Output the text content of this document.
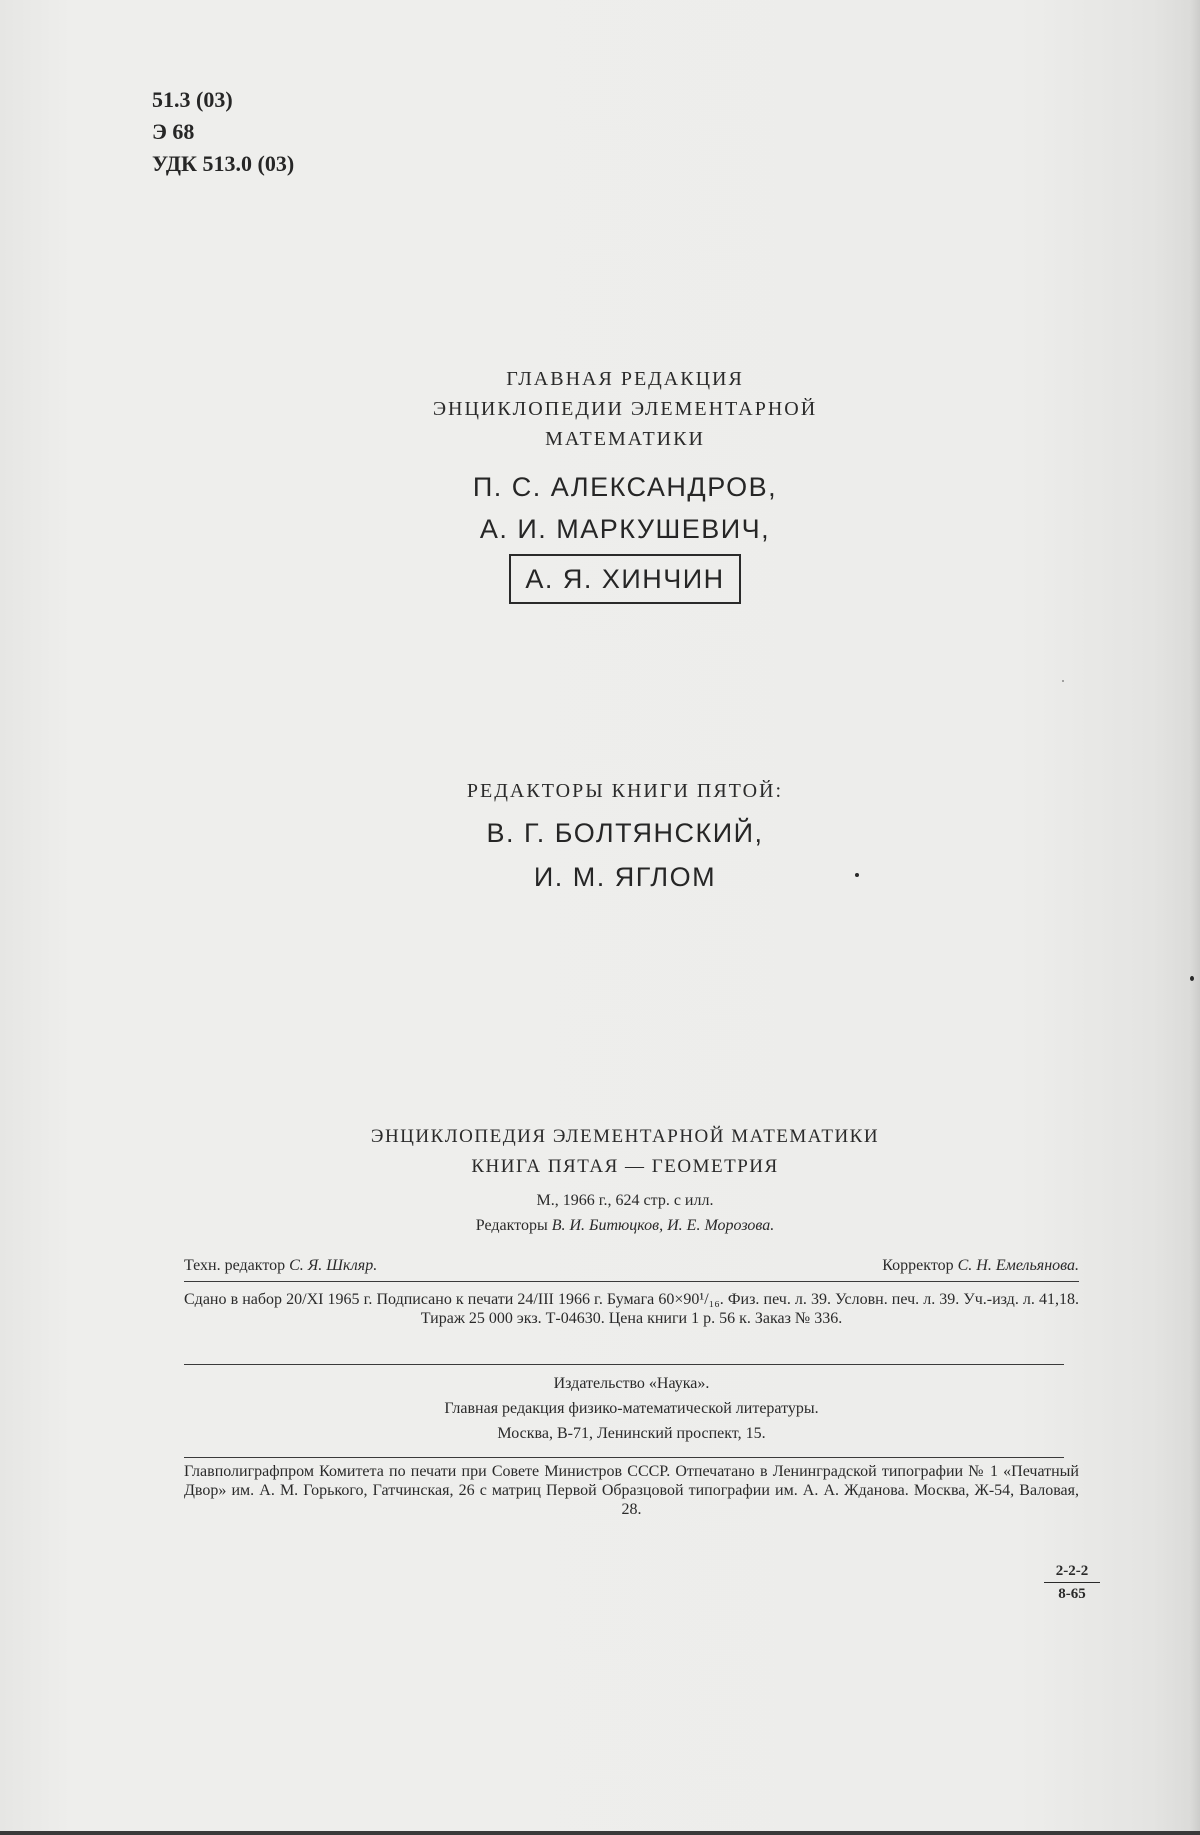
51.3 (03)
Э 68
УДК 513.0 (03)
ГЛАВНАЯ РЕДАКЦИЯ
ЭНЦИКЛОПЕДИИ ЭЛЕМЕНТАРНОЙ
МАТЕМАТИКИ
П. С. АЛЕКСАНДРОВ,
А. И. МАРКУШЕВИЧ,
А. Я. ХИНЧИН
РЕДАКТОРЫ КНИГИ ПЯТОЙ:
В. Г. БОЛТЯНСКИЙ,
И. М. ЯГЛОМ
ЭНЦИКЛОПЕДИЯ ЭЛЕМЕНТАРНОЙ МАТЕМАТИКИ
КНИГА ПЯТАЯ — ГЕОМЕТРИЯ
М., 1966 г., 624 стр. с илл.
Редакторы В. И. Битюцков, И. Е. Морозова.
Техн. редактор С. Я. Шкляр.	Корректор С. Н. Емельянова.
Сдано в набор 20/XI 1965 г. Подписано к печати 24/III 1966 г. Бумага 60×90¹/₁₆. Физ. печ. л. 39. Условн. печ. л. 39. Уч.-изд. л. 41,18. Тираж 25 000 экз. Т-04630. Цена книги 1 р. 56 к. Заказ № 336.
Издательство «Наука».
Главная редакция физико-математической литературы.
Москва, В-71, Ленинский проспект, 15.
Главполиграфпром Комитета по печати при Совете Министров СССР. Отпечатано в Ленинградской типографии № 1 «Печатный Двор» им. А. М. Горького, Гатчинская, 26 с матриц Первой Образцовой типографии им. А. А. Жданова. Москва, Ж-54, Валовая, 28.
$\frac{2-2-2}{8-65}$
